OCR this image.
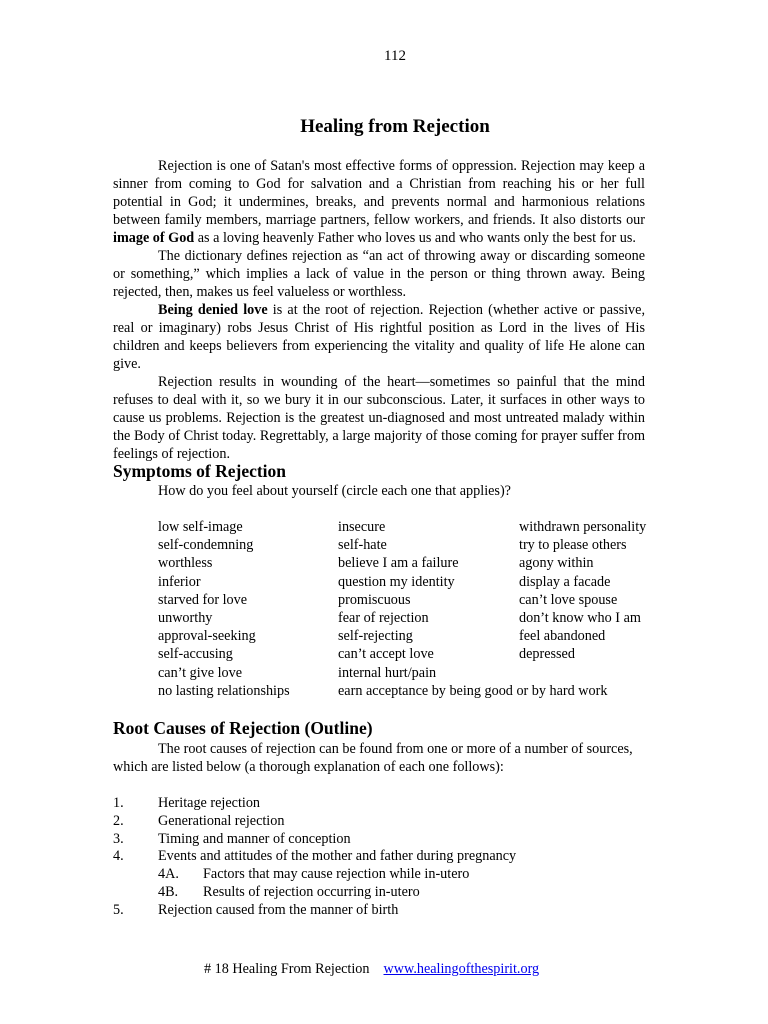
112
Healing from Rejection

Rejection is one of Satan's most effective forms of oppression. Rejection may keep a sinner from coming to God for salvation and a Christian from reaching his or her full potential in God; it undermines, breaks, and prevents normal and harmonious relations between family members, marriage partners, fellow workers, and friends. It also distorts our image of God as a loving heavenly Father who loves us and who wants only the best for us.

The dictionary defines rejection as “an act of throwing away or discarding someone or something,” which implies a lack of value in the person or thing thrown away. Being rejected, then, makes us feel valueless or worthless.

Being denied love is at the root of rejection. Rejection (whether active or passive, real or imaginary) robs Jesus Christ of His rightful position as Lord in the lives of His children and keeps believers from experiencing the vitality and quality of life He alone can give.

Rejection results in wounding of the heart—sometimes so painful that the mind refuses to deal with it, so we bury it in our subconscious. Later, it surfaces in other ways to cause us problems. Rejection is the greatest un-diagnosed and most untreated malady within the Body of Christ today. Regrettably, a large majority of those coming for prayer suffer from feelings of rejection.

Symptoms of Rejection
How do you feel about yourself (circle each one that applies)?
low self-image
self-condemning
worthless
inferior
starved for love
unworthy
approval-seeking
self-accusing
can’t give love
no lasting relationships
insecure
self-hate
believe I am a failure
question my identity
promiscuous
fear of rejection
self-rejecting
can’t accept love
internal hurt/pain
earn acceptance by being good or by hard work
withdrawn personality
try to please others
agony within
display a facade
can’t love spouse
don’t know who I am
feel abandoned
depressed
Root Causes of Rejection (Outline)

The root causes of rejection can be found from one or more of a number of sources, which are listed below (a thorough explanation of each one follows):

1. Heritage rejection
2. Generational rejection
3. Timing and manner of conception
4. Events and attitudes of the mother and father during pregnancy
4A. Factors that may cause rejection while in-utero
4B. Results of rejection occurring in-utero
5. Rejection caused from the manner of birth
# 18 Healing From Rejection www.healingofthespirit.org
